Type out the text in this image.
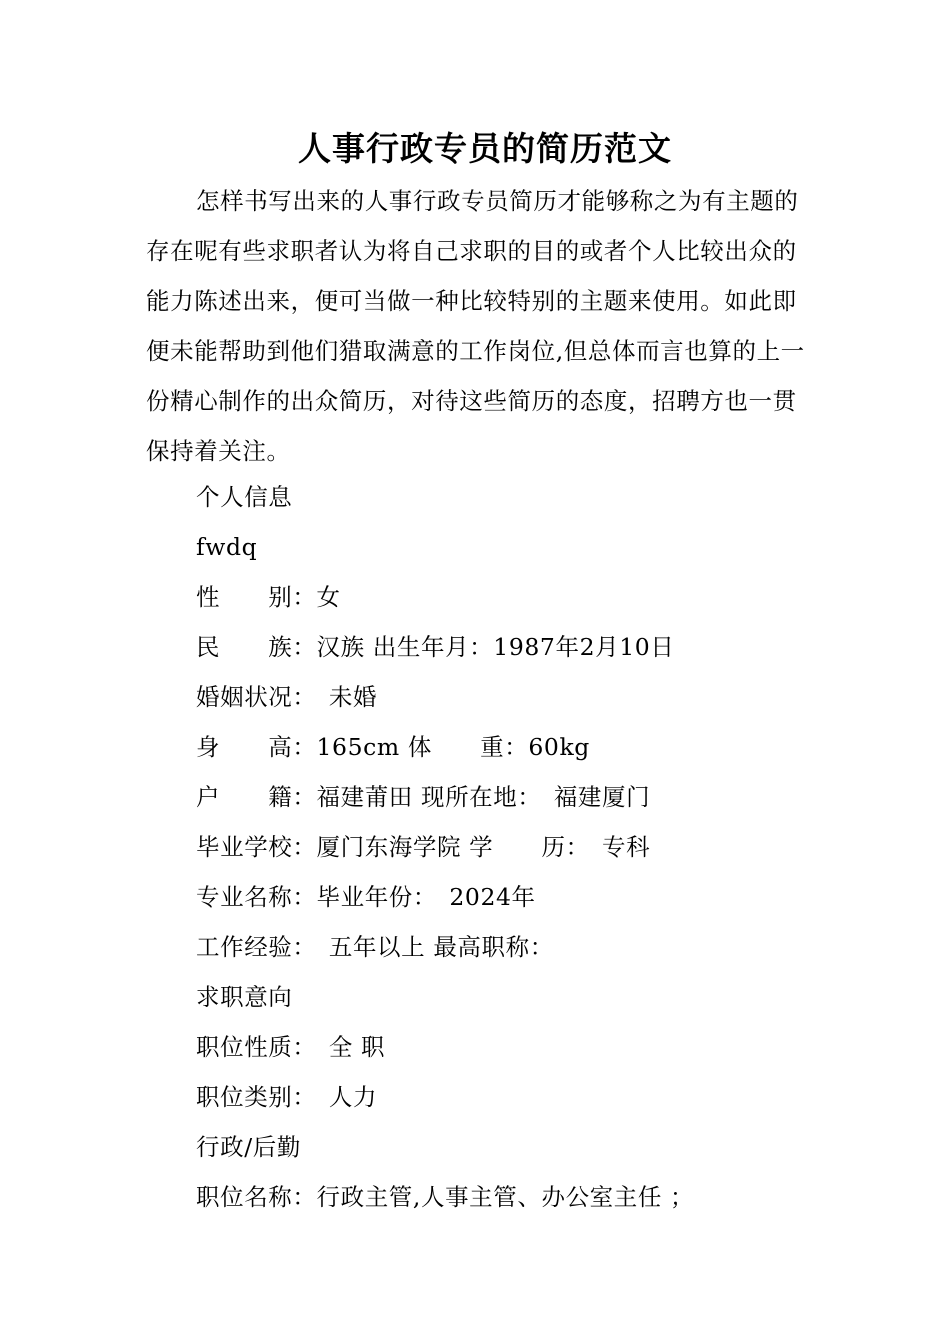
人事行政专员的简历范文

怎样书写出来的人事行政专员简历才能够称之为有主题的存在呢有些求职者认为将自己求职的目的或者个人比较出众的能力陈述出来，便可当做一种比较特别的主题来使用。如此即便未能帮助到他们猎取满意的工作岗位,但总体而言也算的上一份精心制作的出众简历，对待这些简历的态度，招聘方也一贯保持着关注。

个人信息
fwdq
性　　别：女
民　　族：汉族 出生年月：1987年2月10日
婚姻状况：　未婚
身　　高：165cm 体　　重：60kg
户　　籍：福建莆田 现所在地：　福建厦门
毕业学校：厦门东海学院 学　　历：　专科
专业名称：毕业年份：　2024年
工作经验：　五年以上 最高职称：
求职意向
职位性质：　全 职
职位类别：　人力
行政/后勤
职位名称：行政主管,人事主管、办公室主任 ；
